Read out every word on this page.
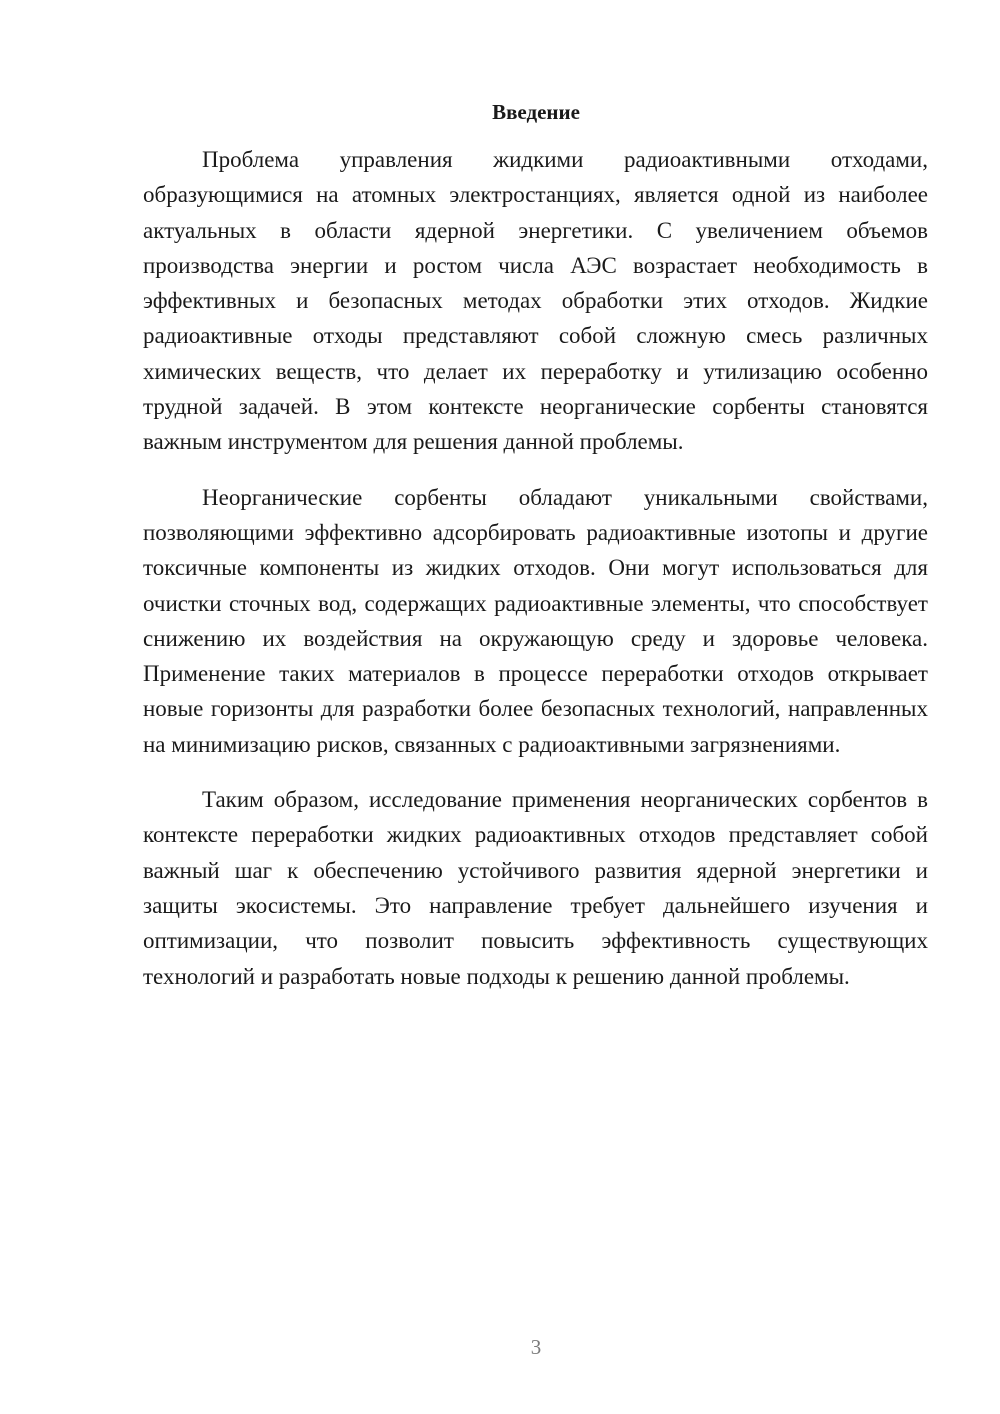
Введение

Проблема управления жидкими радиоактивными отходами, образующимися на атомных электростанциях, является одной из наиболее актуальных в области ядерной энергетики. С увеличением объемов производства энергии и ростом числа АЭС возрастает необходимость в эффективных и безопасных методах обработки этих отходов. Жидкие радиоактивные отходы представляют собой сложную смесь различных химических веществ, что делает их переработку и утилизацию особенно трудной задачей. В этом контексте неорганические сорбенты становятся важным инструментом для решения данной проблемы.

Неорганические сорбенты обладают уникальными свойствами, позволяющими эффективно адсорбировать радиоактивные изотопы и другие токсичные компоненты из жидких отходов. Они могут использоваться для очистки сточных вод, содержащих радиоактивные элементы, что способствует снижению их воздействия на окружающую среду и здоровье человека. Применение таких материалов в процессе переработки отходов открывает новые горизонты для разработки более безопасных технологий, направленных на минимизацию рисков, связанных с радиоактивными загрязнениями.

Таким образом, исследование применения неорганических сорбентов в контексте переработки жидких радиоактивных отходов представляет собой важный шаг к обеспечению устойчивого развития ядерной энергетики и защиты экосистемы. Это направление требует дальнейшего изучения и оптимизации, что позволит повысить эффективность существующих технологий и разработать новые подходы к решению данной проблемы.

3
